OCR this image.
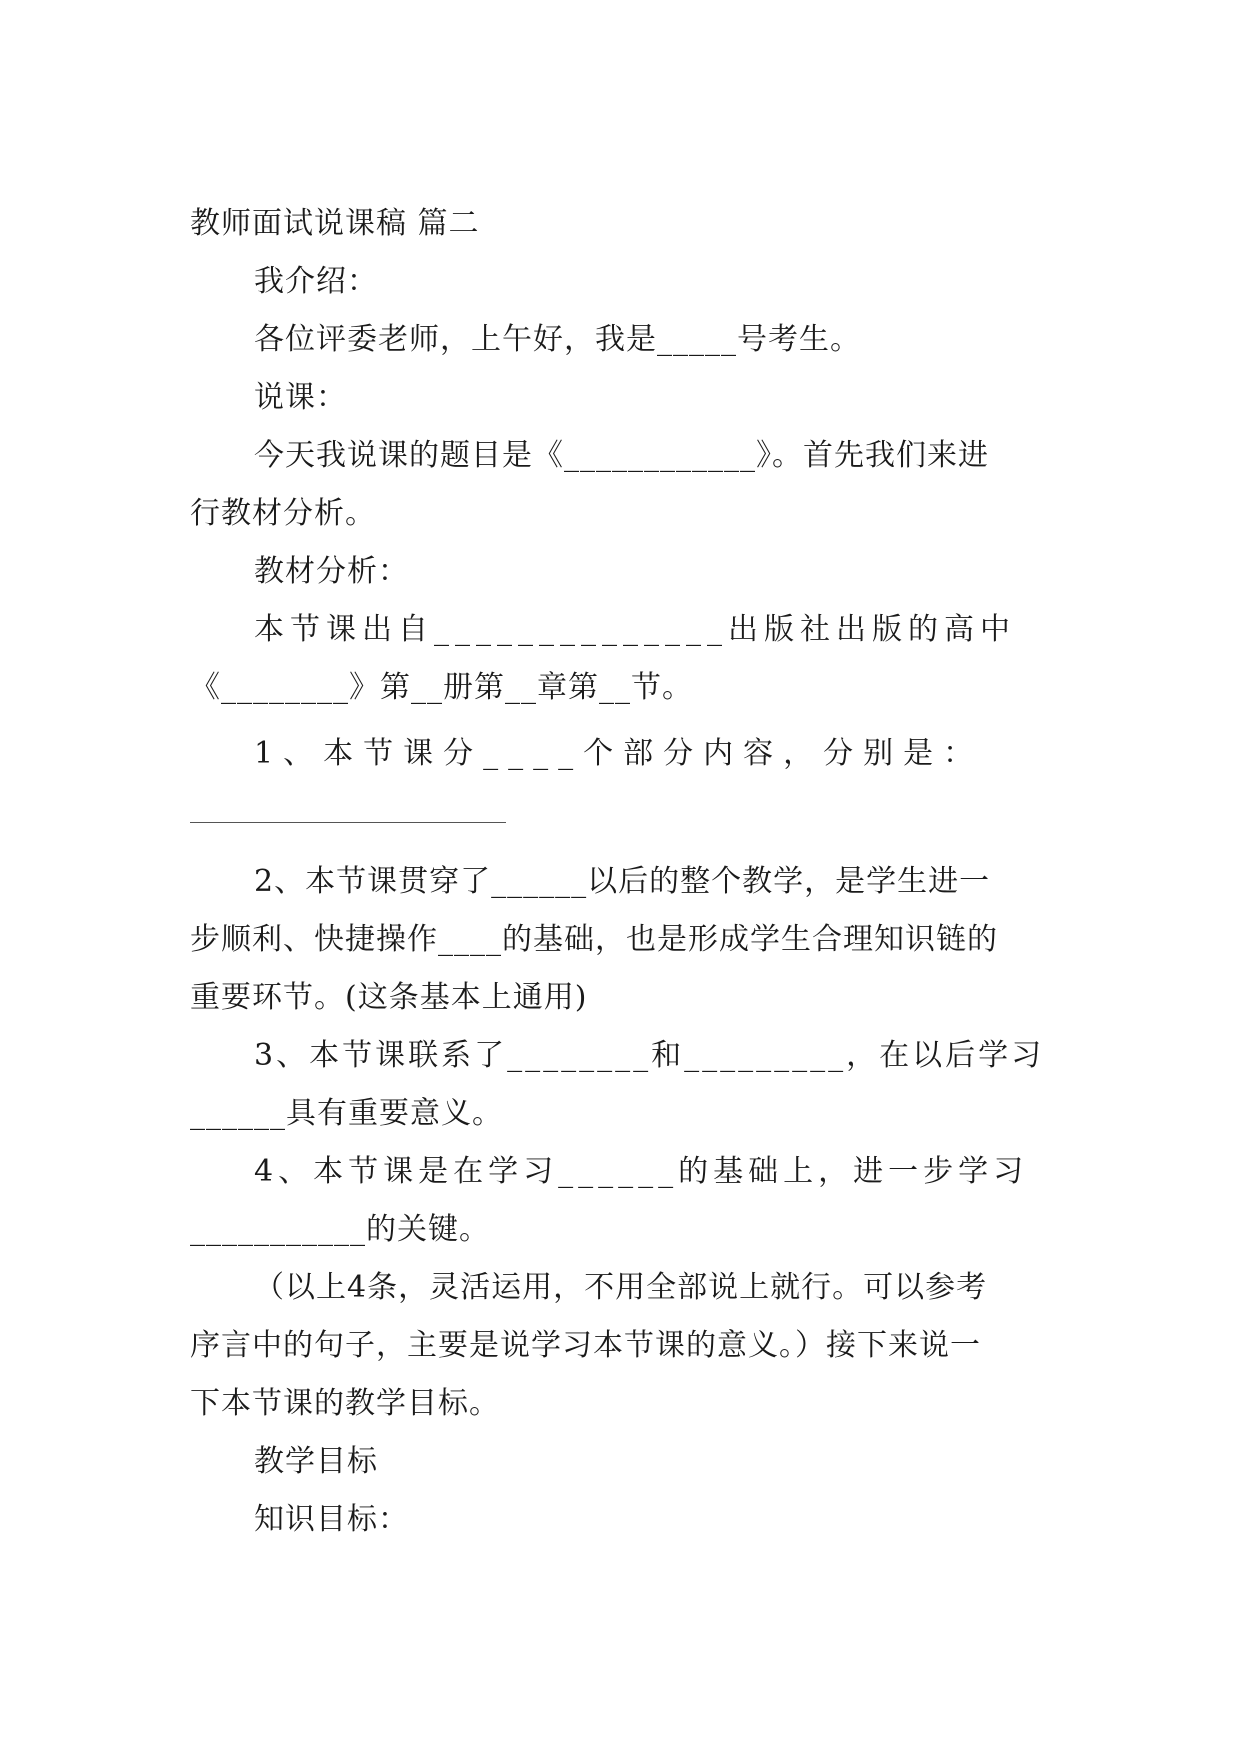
教师面试说课稿 篇二
我介绍：
各位评委老师，上午好，我是_____号考生。
说课：
今天我说课的题目是《____________》。首先我们来进
行教材分析。
教材分析：
本节课出自______________出版社出版的高中
《________》第__册第__章第__节。
1、本节课分____个部分内容，分别是：
2、本节课贯穿了______以后的整个教学，是学生进一
步顺利、快捷操作____的基础，也是形成学生合理知识链的
重要环节。(这条基本上通用)
3、本节课联系了________和_________，在以后学习
______具有重要意义。
4、本节课是在学习______的基础上，进一步学习
___________的关键。
（以上4条，灵活运用，不用全部说上就行。可以参考
序言中的句子，主要是说学习本节课的意义。）接下来说一
下本节课的教学目标。
教学目标
知识目标：
